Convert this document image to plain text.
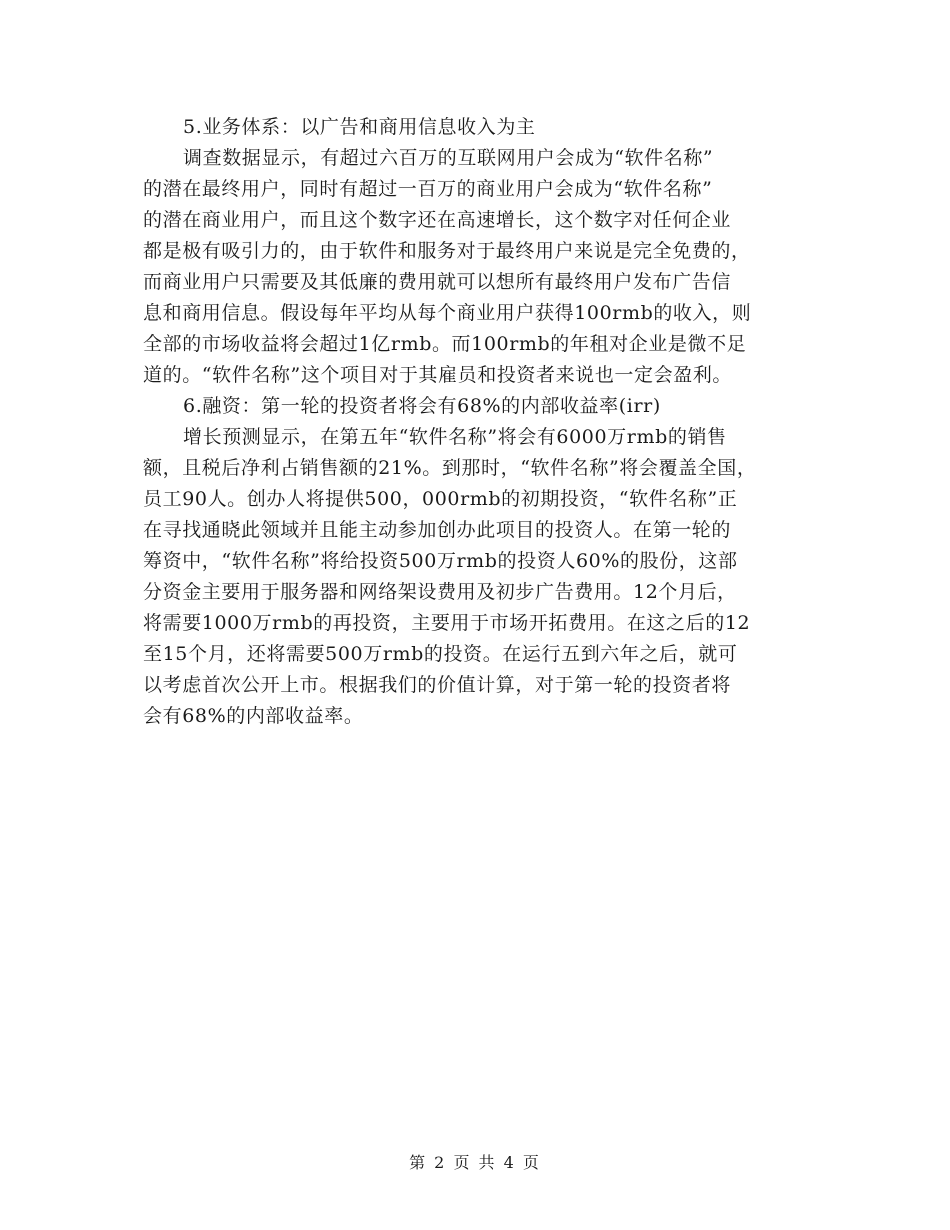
5.业务体系：以广告和商用信息收入为主
调查数据显示，有超过六百万的互联网用户会成为“软件名称”
的潜在最终用户，同时有超过一百万的商业用户会成为“软件名称”
的潜在商业用户，而且这个数字还在高速增长，这个数字对任何企业
都是极有吸引力的，由于软件和服务对于最终用户来说是完全免费的，
而商业用户只需要及其低廉的费用就可以想所有最终用户发布广告信
息和商用信息。假设每年平均从每个商业用户获得100rmb的收入，则
全部的市场收益将会超过1亿rmb。而100rmb的年租对企业是微不足
道的。“软件名称”这个项目对于其雇员和投资者来说也一定会盈利。
6.融资：第一轮的投资者将会有68%的内部收益率(irr)
增长预测显示，在第五年“软件名称”将会有6000万rmb的销售
额，且税后净利占销售额的21%。到那时，“软件名称”将会覆盖全国，
员工90人。创办人将提供500，000rmb的初期投资，“软件名称”正
在寻找通晓此领域并且能主动参加创办此项目的投资人。在第一轮的
筹资中，“软件名称”将给投资500万rmb的投资人60%的股份，这部
分资金主要用于服务器和网络架设费用及初步广告费用。12个月后，
将需要1000万rmb的再投资，主要用于市场开拓费用。在这之后的12
至15个月，还将需要500万rmb的投资。在运行五到六年之后，就可
以考虑首次公开上市。根据我们的价值计算，对于第一轮的投资者将
会有68%的内部收益率。
第 2 页 共 4 页
